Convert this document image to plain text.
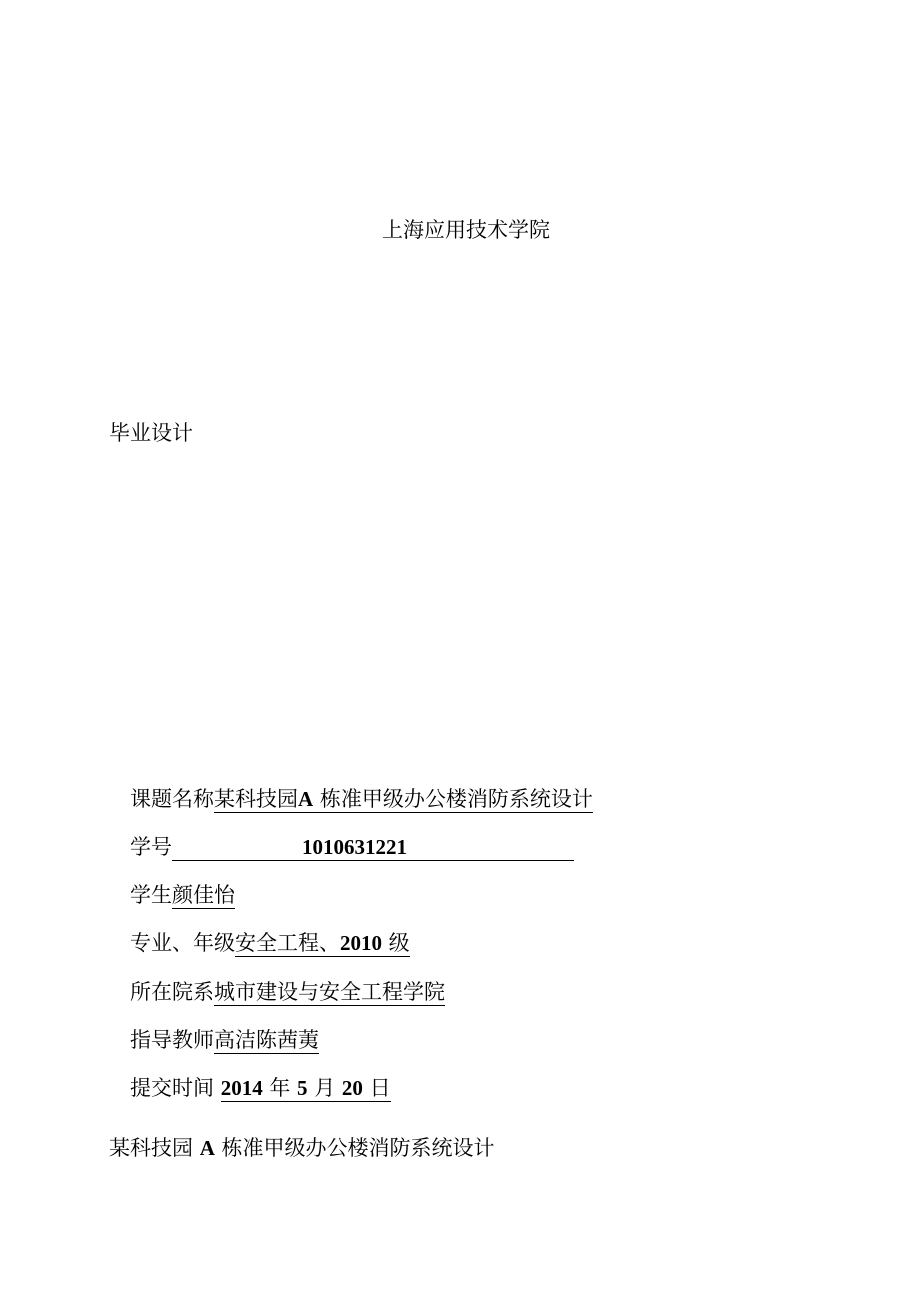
上海应用技术学院
毕业设计
课题名称某科技园A 栋准甲级办公楼消防系统设计
学号	1010631221
学生颜佳怡
专业、年级安全工程、2010 级
所在院系城市建设与安全工程学院
指导教师高洁陈茜荑
提交时间 2014 年 5 月 20 日
某科技园 A 栋准甲级办公楼消防系统设计
